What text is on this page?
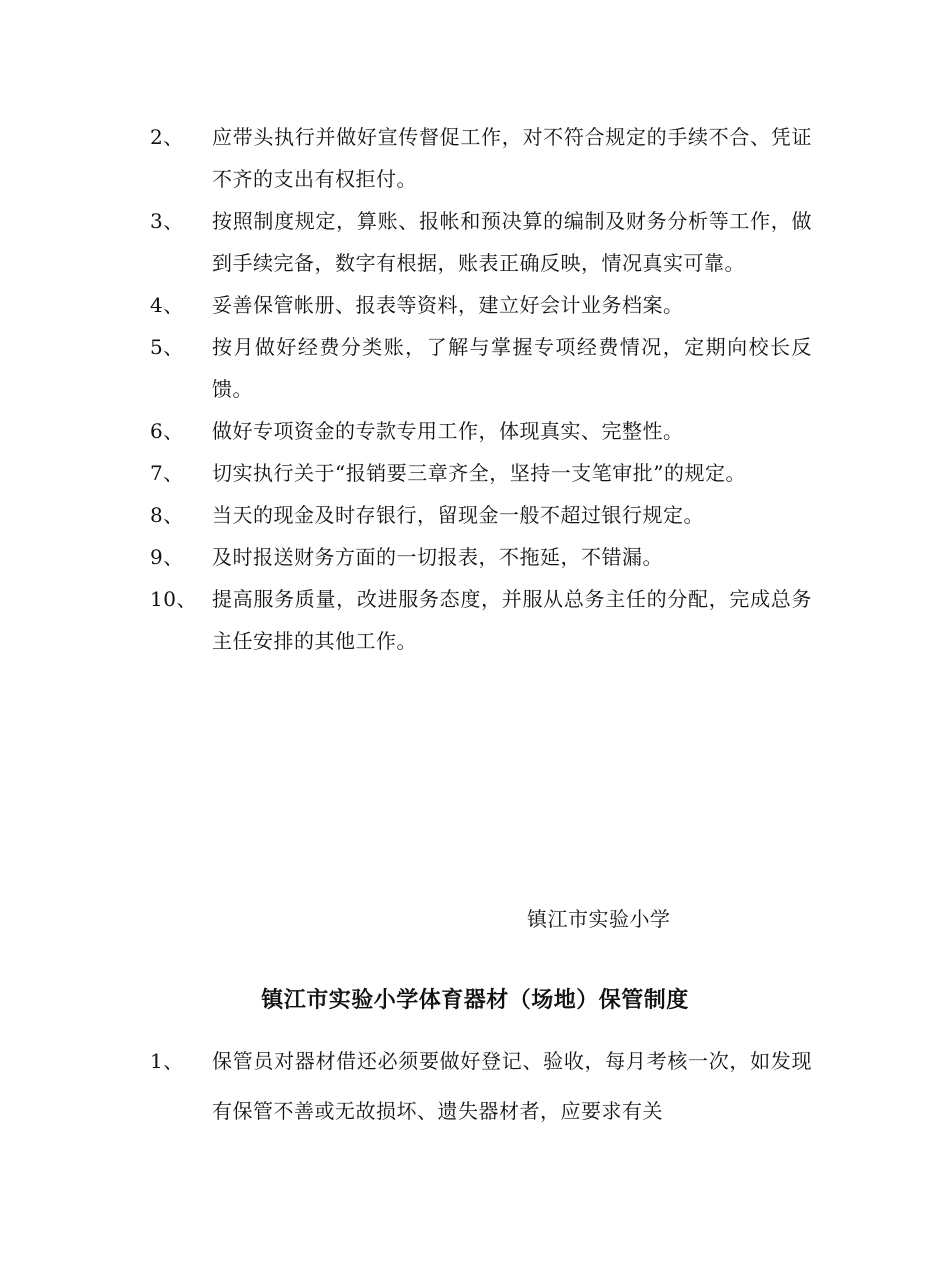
2、	应带头执行并做好宣传督促工作，对不符合规定的手续不合、凭证不齐的支出有权拒付。
3、	按照制度规定，算账、报帐和预决算的编制及财务分析等工作，做到手续完备，数字有根据，账表正确反映，情况真实可靠。
4、	妥善保管帐册、报表等资料，建立好会计业务档案。
5、	按月做好经费分类账，了解与掌握专项经费情况，定期向校长反馈。
6、	做好专项资金的专款专用工作，体现真实、完整性。
7、	切实执行关于“报销要三章齐全，坚持一支笔审批”的规定。
8、	当天的现金及时存银行，留现金一般不超过银行规定。
9、	及时报送财务方面的一切报表，不拖延，不错漏。
10、 提高服务质量，改进服务态度，并服从总务主任的分配，完成总务主任安排的其他工作。
镇江市实验小学
镇江市实验小学体育器材（场地）保管制度
1、	保管员对器材借还必须要做好登记、验收，每月考核一次，如发现有保管不善或无故损坏、遗失器材者，应要求有关
